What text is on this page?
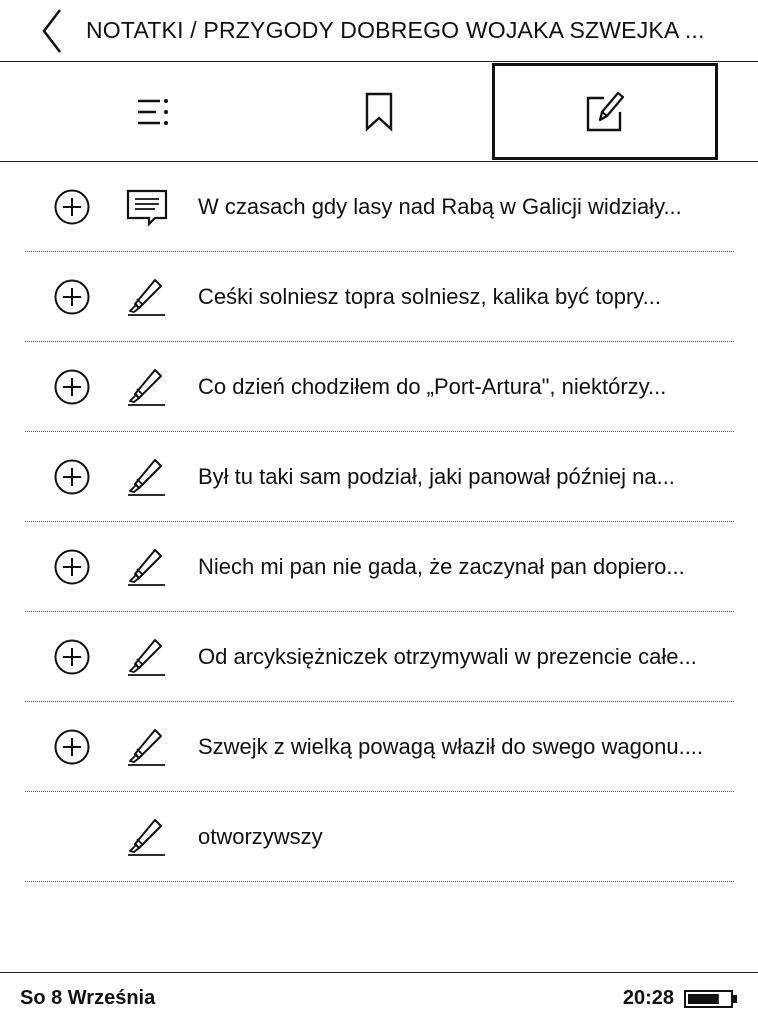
NOTATKI / PRZYGODY DOBREGO WOJAKA SZWEJKA ...
W czasach gdy lasy nad Rabą w Galicji widziały...
Ceśki solniesz topra solniesz, kalika być topry...
Co dzień chodziłem do „Port-Artura", niektórzy...
Był tu taki sam podział, jaki panował później na...
Niech mi pan nie gada, że zaczynał pan dopiero...
Od arcyksiężniczek otrzymywali w prezencie całe...
Szwejk z wielką powagą właził do swego wagonu....
otworzywszy
So 8 Września	20:28
